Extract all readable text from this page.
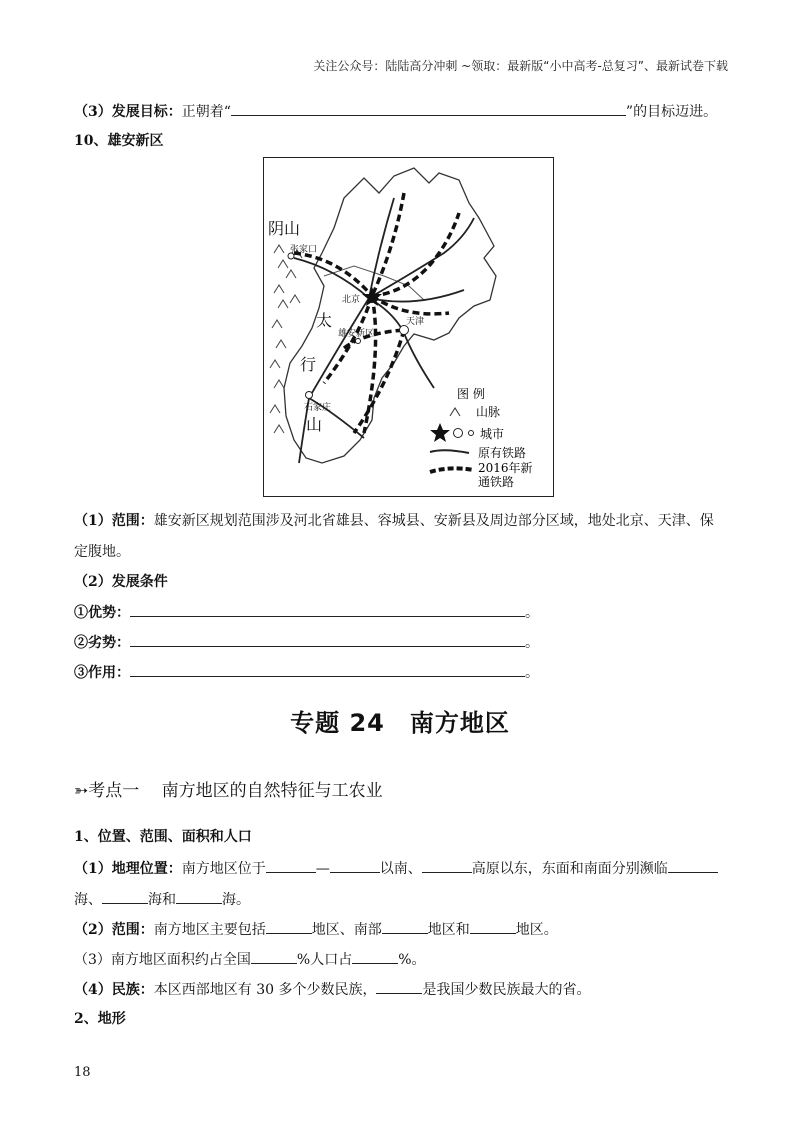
关注公众号：陆陆高分冲刺 ~领取：最新版“小中高考-总复习”、最新试卷下载
（3）发展目标：正朝着“	”的目标迈进。
10、雄安新区
阴 山
太
行
山
张家口
北京
天津
雄安新区
石家庄
图 例
山脉
城市
原有铁路
2016年新
通铁路
（1）范围：雄安新区规划范围涉及河北省雄县、容城县、安新县及周边部分区域，地处北京、天津、保
定腹地。
（2）发展条件
①优势：	。
②劣势：	。
③作用：	。
专题 24　南方地区
➳考点一　 南方地区的自然特征与工农业
1、位置、范围、面积和人口
（1）地理位置：南方地区位于	—	以南、	高原以东，东面和南面分别濒临
海、	海和	海。
（2）范围：南方地区主要包括	地区、南部	地区和	地区。
（3）南方地区面积约占全国	%人口占	%。
（4）民族：本区西部地区有 30 多个少数民族，	是我国少数民族最大的省。
2、地形
18
